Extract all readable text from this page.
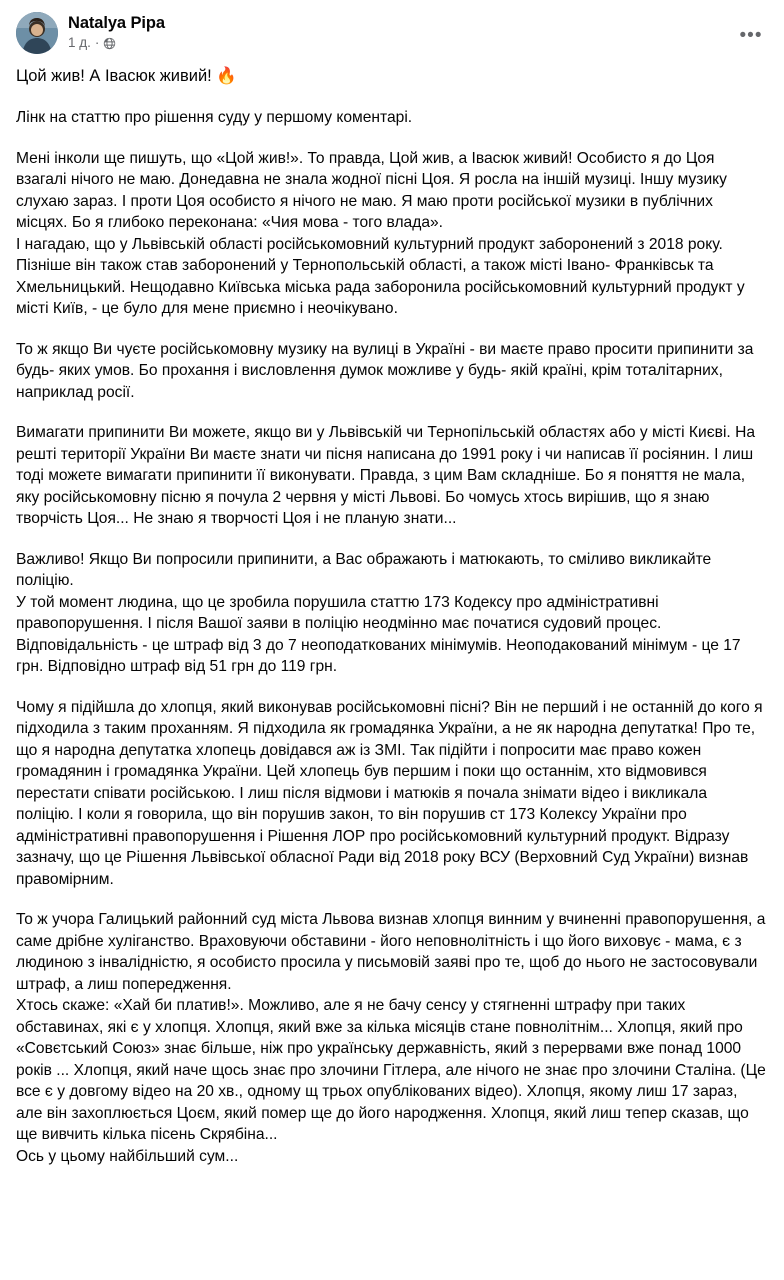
Natalya Pipa
1 д. ·	•••

Цой жив! А Івасюк живий! 🔥

Лінк на статтю про рішення суду у першому коментарі.

Мені інколи ще пишуть, що «Цой жив!». То правда, Цой жив, а Івасюк живий! Особисто я до Цоя взагалі нічого не маю. Донедавна не знала жодної пісні Цоя. Я росла на іншій музиці. Іншу музику слухаю зараз. І проти Цоя особисто я нічого не маю. Я маю проти російської музики в публічних місцях. Бо я глибоко переконана: «Чия мова - того влада».

І нагадаю, що у Львівській області російськомовний культурний продукт заборонений з 2018 року. Пізніше він також став заборонений у Тернопольській області, а також місті Івано- Франківськ та Хмельницький. Нещодавно Київська міська рада заборонила російськомовний культурний продукт у місті Київ, - це було для мене приємно і неочікувано.

То ж якщо Ви чуєте російськомовну музику на вулиці в Україні - ви маєте право просити припинити за будь- яких умов. Бо прохання і висловлення думок можливе у будь- якій країні, крім тоталітарних, наприклад росії.

Вимагати припинити Ви можете, якщо ви у Львівській чи Тернопільській областях або у місті Києві. На решті території України Ви маєте знати чи пісня написана до 1991 року і чи написав її росіянин. І лиш тоді можете вимагати припинити її виконувати. Правда, з цим Вам складніше. Бо я поняття не мала, яку російськомовну пісню я почула 2 червня у місті Львові. Бо чомусь хтось вирішив, що я знаю творчість Цоя... Не знаю я творчості Цоя і не планую знати...

Важливо! Якщо Ви попросили припинити, а Вас ображають і матюкають, то сміливо викликайте поліцію.

У той момент людина, що це зробила порушила статтю 173 Кодексу про адміністративні правопорушення. І після Вашої заяви в поліцію неодмінно має початися судовий процес. Відповідальність - це штраф від 3 до 7 неоподаткованих мінімумів. Неоподакований мінімум - це 17 грн. Відповідно штраф від 51 грн до 119 грн.

Чому я підійшла до хлопця, який виконував російськомовні пісні? Він не перший і не останній до кого я підходила з таким проханням. Я підходила як громадянка України, а не як народна депутатка! Про те, що я народна депутатка хлопець довідався аж із ЗМІ. Так підійти і попросити має право кожен громадянин і громадянка України. Цей хлопець був першим і поки що останнім, хто відмовився перестати співати російською. І лиш після відмови і матюків я почала знімати відео і викликала поліцію. І коли я говорила, що він порушив закон, то він порушив ст 173 Колексу України про адміністративні правопорушення і Рішення ЛОР про російськомовний культурний продукт. Відразу зазначу, що це Рішення Львівської обласної Ради від 2018 року ВСУ (Верховний Суд України) визнав правомірним.

То ж учора Галицький районний суд міста Львова визнав хлопця винним у вчиненні правопорушення, а саме дрібне хуліганство. Враховуючи обставини - його неповнолітність і що його виховує - мама, є з людиною з інвалідністю, я особисто просила у письмовій заяві про те, щоб до нього не застосовували штраф, а лиш попередження.

Хтось скаже: «Хай би платив!». Можливо, але я не бачу сенсу у стягненні штрафу при таких обставинах, які є у хлопця. Хлопця, який вже за кілька місяців стане повнолітнім... Хлопця, який про «Совєтський Союз» знає більше, ніж про українську державність, який з перервами вже понад 1000 років ... Хлопця, який наче щось знає про злочини Гітлера, але нічого не знає про злочини Сталіна. (Це все є у довгому відео на 20 хв., одному щ трьох опублікованих відео). Хлопця, якому лиш 17 зараз, але він захоплюється Цоєм, який помер ще до його народження. Хлопця, який лиш тепер сказав, що ще вивчить кілька пісень Скрябіна...

Ось у цьому найбільший сум...
